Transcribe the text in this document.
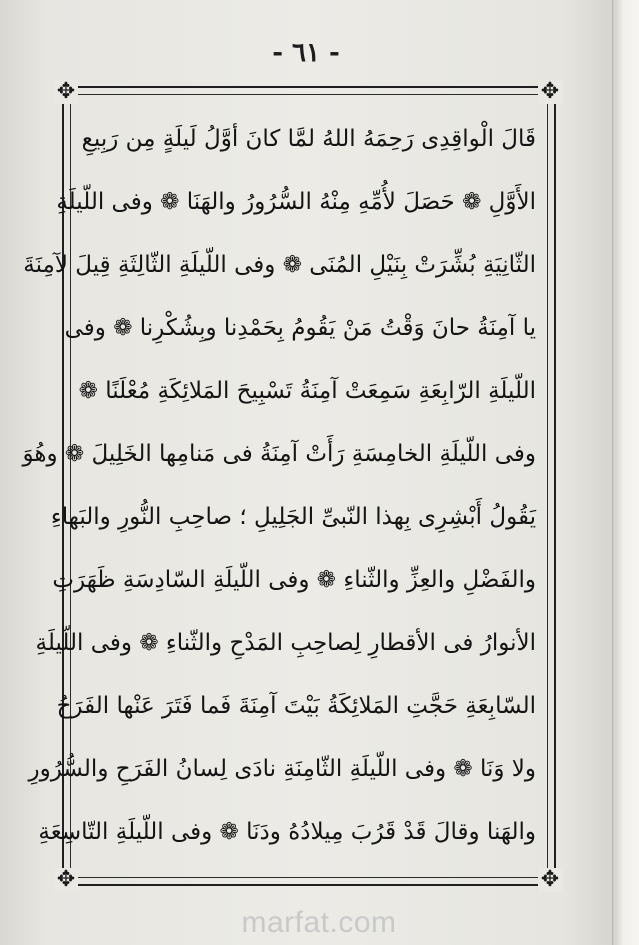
- ٦١ -
✥	✥
✥	✥
قَالَ الْواقِدِى رَحِمَهُ اللهُ لمَّا كانَ أوَّلُ لَيلَةٍ مِن رَبِيعِ
الأَوَّلِ ❁ حَصَلَ لأُمِّهِ مِنْهُ السُّرُورُ والهَنَا ❁ وفى اللّيلَةِ
الثّانِيَةِ بُشِّرَتْ بِنَيْلِ المُنَى ❁ وفى اللّيلَةِ الثّالِثَةِ قِيلَ لآمِنَةَ
يا آمِنَةُ حانَ وَقْتُ مَنْ يَقُومُ بِحَمْدِنا وبِشُكْرِنا ❁ وفى
اللّيلَةِ الرّابِعَةِ سَمِعَتْ آمِنَةُ تَسْبِيحَ المَلائِكَةِ مُعْلَنًا ❁
وفى اللّيلَةِ الخامِسَةِ رَأَتْ آمِنَةُ فى مَنامِها الخَلِيلَ ❁ وهُوَ
يَقُولُ أَبْشِرِى بِهذا النّبىِّ الجَلِيلِ ؛ صاحِبِ النُّورِ والبَهاءِ
والفَضْلِ والعِزِّ والثّناءِ ❁ وفى اللّيلَةِ السّادِسَةِ ظَهَرَتِ
الأنوارُ فى الأقطارِ لِصاحِبِ المَدْحِ والثّناءِ ❁ وفى اللّيلَةِ
السّابِعَةِ حَجَّتِ المَلائِكَةُ بَيْتَ آمِنَةَ فَما فَتَرَ عَنْها الفَرَحُ
ولا وَنَا ❁ وفى اللّيلَةِ الثّامِنَةِ نادَى لِسانُ الفَرَحِ والسُّرُورِ
والهَنا وقالَ قَدْ قَرُبَ مِيلادُهُ ودَنَا ❁ وفى اللّيلَةِ التّاسِعَةِ
marfat.com
